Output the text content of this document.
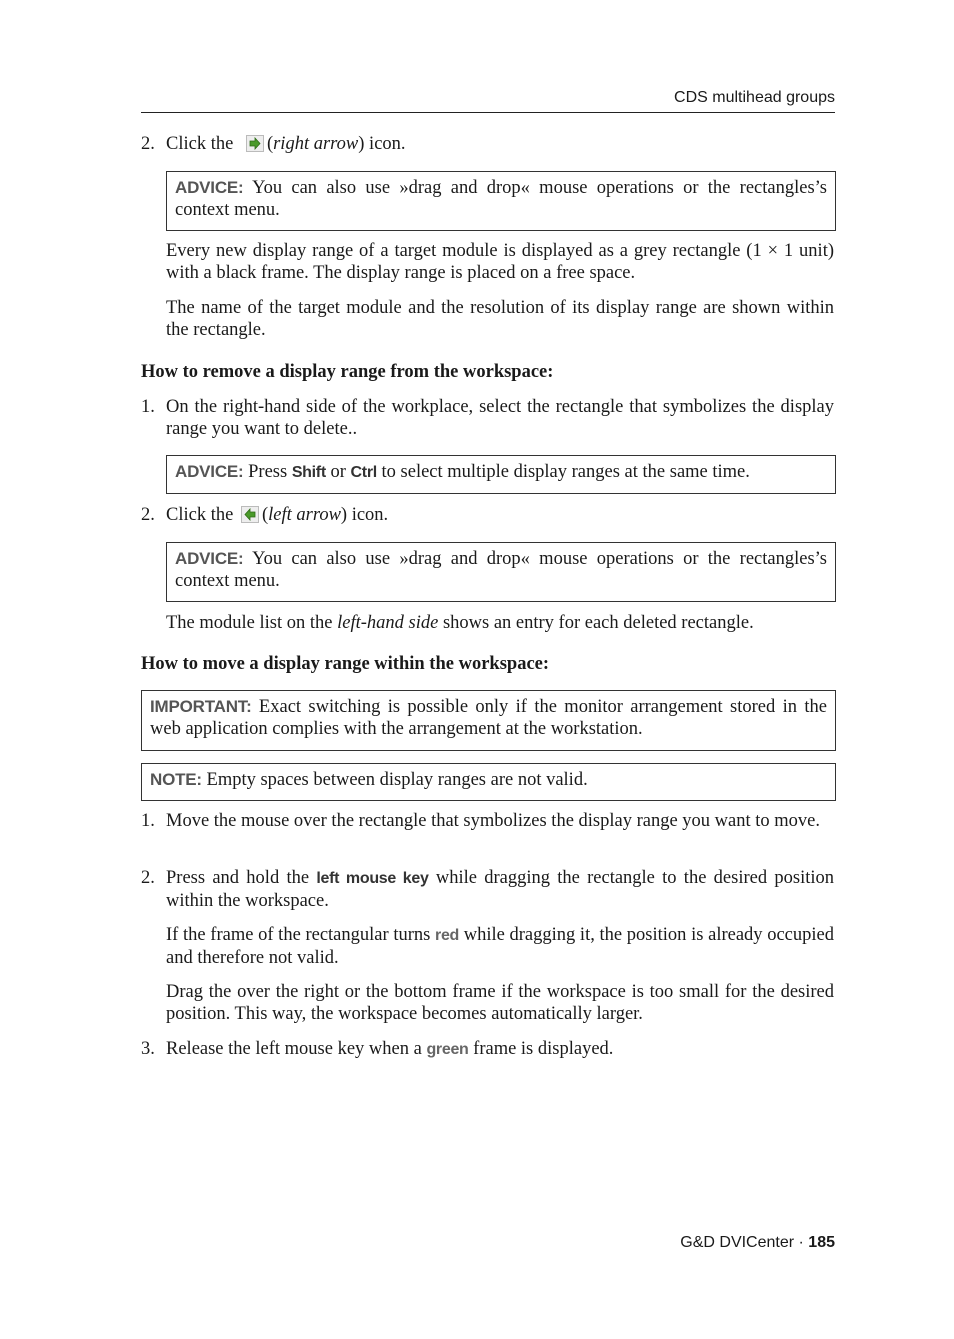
CDS multihead groups
2. Click the (right arrow) icon.
ADVICE: You can also use »drag and drop« mouse operations or the rectangles’s context menu.
Every new display range of a target module is displayed as a grey rectangle (1 × 1 unit) with a black frame. The display range is placed on a free space.
The name of the target module and the resolution of its display range are shown within the rectangle.
How to remove a display range from the workspace:
1. On the right-hand side of the workplace, select the rectangle that symbolizes the display range you want to delete..
ADVICE: Press Shift or Ctrl to select multiple display ranges at the same time.
2. Click the (left arrow) icon.
ADVICE: You can also use »drag and drop« mouse operations or the rectangles’s context menu.
The module list on the left-hand side shows an entry for each deleted rectangle.
How to move a display range within the workspace:
IMPORTANT: Exact switching is possible only if the monitor arrangement stored in the web application complies with the arrangement at the workstation.
NOTE: Empty spaces between display ranges are not valid.
1. Move the mouse over the rectangle that symbolizes the display range you want to move.
2. Press and hold the left mouse key while dragging the rectangle to the desired position within the workspace.
If the frame of the rectangular turns red while dragging it, the position is already occupied and therefore not valid.
Drag the over the right or the bottom frame if the workspace is too small for the desired position. This way, the workspace becomes automatically larger.
3. Release the left mouse key when a green frame is displayed.
G&D DVICenter · 185
